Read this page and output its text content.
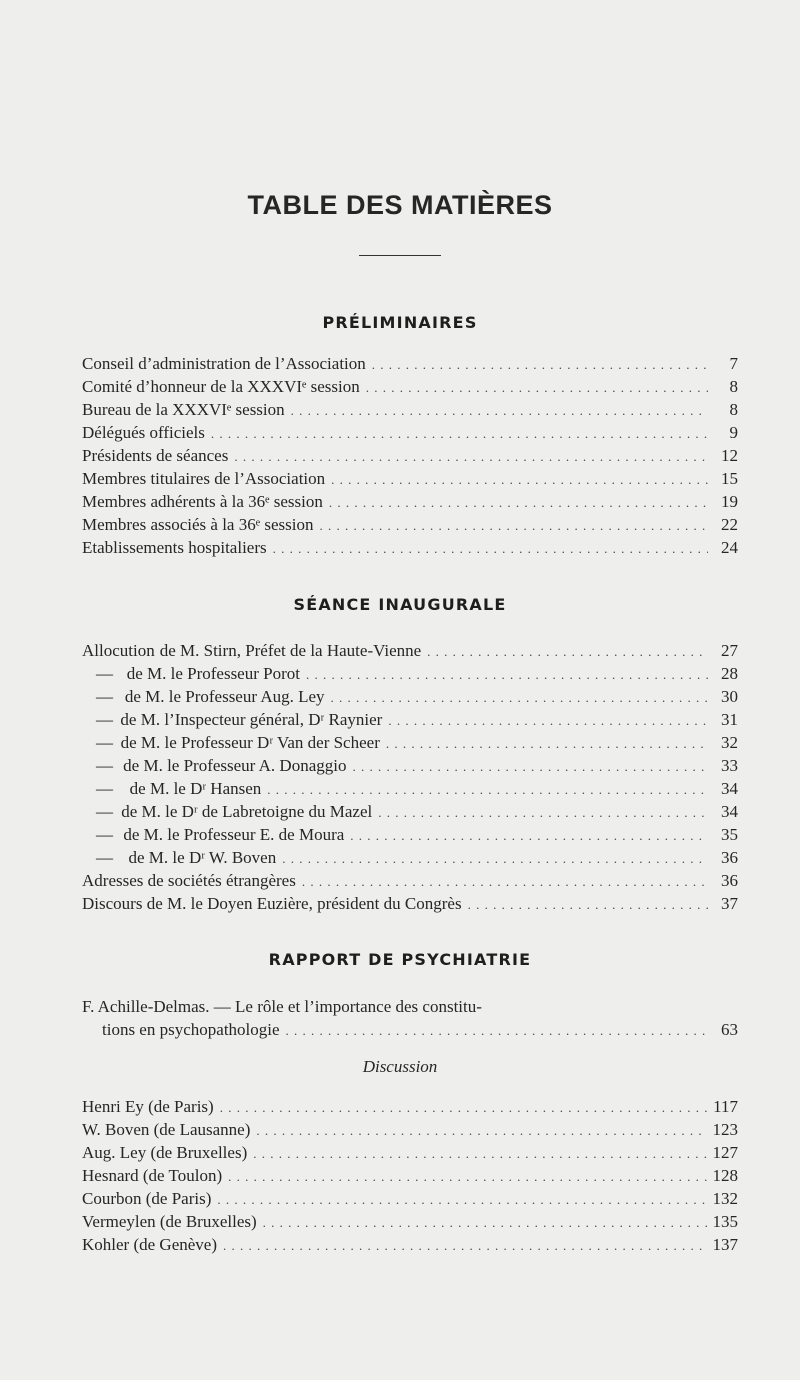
TABLE DES MATIÈRES
PRÉLIMINAIRES
Conseil d’administration de l’Association . . .	7
Comité d’honneur de la XXXVIᵉ session . . .	8
Bureau de la XXXVIᵉ session . . .	8
Délégués officiels . . .	9
Présidents de séances . . .	12
Membres titulaires de l’Association . . .	15
Membres adhérents à la 36ᵉ session . . .	19
Membres associés à la 36ᵉ session . . .	22
Etablissements hospitaliers . . .	24
SÉANCE INAUGURALE
Allocution de M. Stirn, Préfet de la Haute-Vienne . . .	27
— de M. le Professeur Porot . . .	28
— de M. le Professeur Aug. Ley . . .	30
— de M. l’Inspecteur général, Dʳ Raynier . . .	31
— de M. le Professeur Dʳ Van der Scheer . . .	32
— de M. le Professeur A. Donaggio . . .	33
— de M. le Dʳ Hansen . . .	34
— de M. le Dʳ de Labretoigne du Mazel . . .	34
— de M. le Professeur E. de Moura . . .	35
— de M. le Dʳ W. Boven . . .	36
Adresses de sociétés étrangères . . .	36
Discours de M. le Doyen Euzière, président du Congrès . . .	37
RAPPORT DE PSYCHIATRIE
F. Achille-Delmas. — Le rôle et l’importance des constitu-
tions en psychopathologie . . .	63
Discussion
Henri Ey (de Paris) . . .	117
W. Boven (de Lausanne) . . .	123
Aug. Ley (de Bruxelles) . . .	127
Hesnard (de Toulon) . . .	128
Courbon (de Paris) . . .	132
Vermeylen (de Bruxelles) . . .	135
Kohler (de Genève) . . .	137
